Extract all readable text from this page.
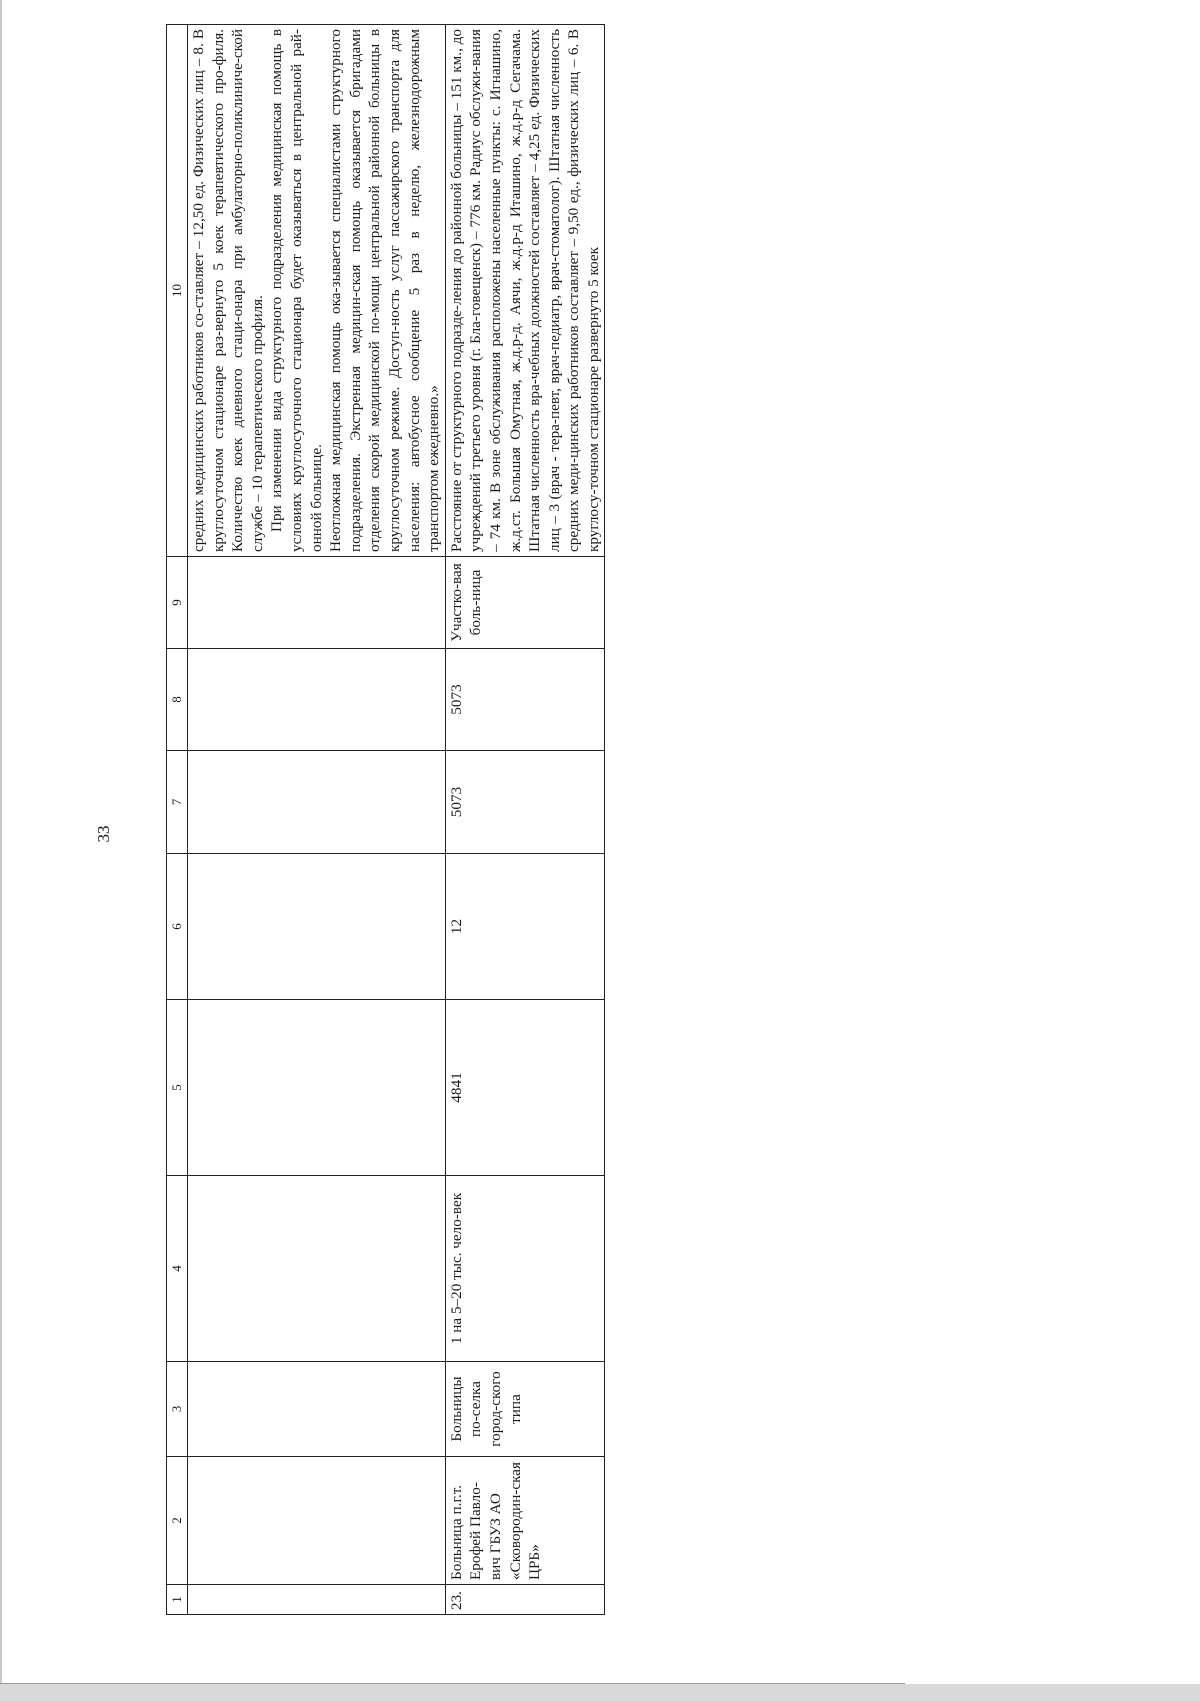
33
1	2	3	4	5	6	7	8	9	10

									средних медицинских работников со-ставляет – 12,50 ед. Физических лиц – 8. В круглосуточном стационаре раз-вернуто 5 коек терапевтического про-филя. Количество коек дневного стаци-онара при амбулаторно-поликлиниче-ской службе – 10 терапевтического профиля. При изменении вида структурного подразделения медицинская помощь в условиях круглосуточного стационара будет оказываться в центральной рай-онной больнице. Неотложная медицинская помощь ока-зывается специалистами структурного подразделения. Экстренная медицин-ская помощь оказывается бригадами отделения скорой медицинской по-мощи центральной районной больницы в круглосуточном режиме. Доступ-ность услуг пассажирского транспорта для населения: автобусное сообщение 5 раз в неделю, железнодорожным транспортом ежедневно.»

23.	Больница п.г.т. Ерофей Павло-вич ГБУЗ АО «Сковородин-ская ЦРБ»	Больницы по-селка город-ского типа	1 на 5–20 тыс. чело-век	4841	12	5073	5073	Участко-вая боль-ница	Расстояние от структурного подразде-ления до районной больницы – 151 км., до учреждений третьего уровня (г. Бла-говещенск) – 776 км. Радиус обслужи-вания – 74 км. В зоне обслуживания расположены населенные пункты: с. Игнашино, ж.д.ст. Большая Омутная, ж.д.р-д. Аячи, ж.д.р-д Иташино, ж.д.р-д Сегачама. Штатная численность вра-чебных должностей составляет – 4,25 ед. Физических лиц – 3 (врач - тера-певт, врач-педиатр, врач-стоматолог). Штатная численность средних меди-цинских работников составляет – 9,50 ед., физических лиц – 6. В круглосу-точном стационаре развернуто 5 коек
